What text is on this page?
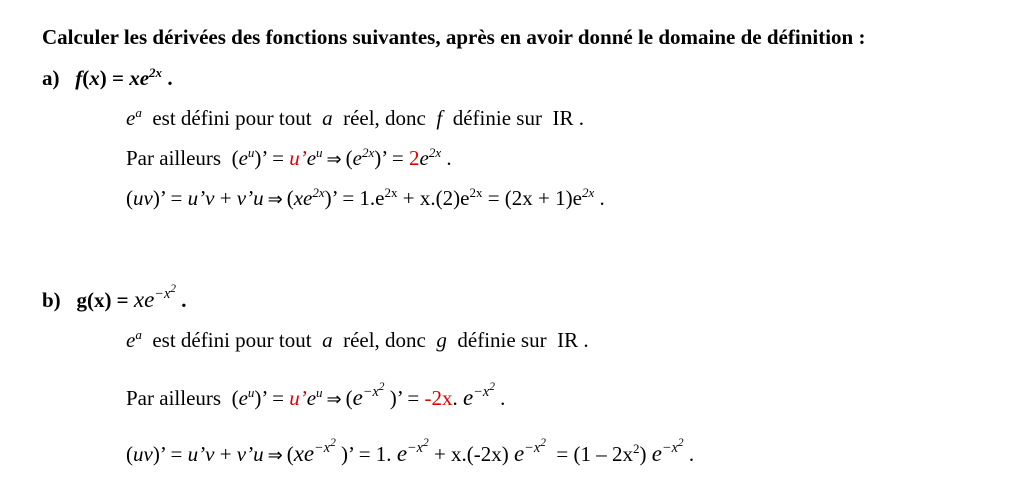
Calculer les dérivées des fonctions suivantes, après en avoir donné le domaine de définition :
a) $f(x) = xe^{2x}$ .
$e^a$ est défini pour tout a réel, donc f définie sur IR .
Par ailleurs  $(e^u)$’ = $u’e^u$ ⇒ $(e^{2x})$’ = $2e^{2x}$ .
(uv)’ = u’v + v’u ⇒ $(xe^{2x})$’ = $1.e^{2x} + x.(2)e^{2x} = (2x + 1)e^{2x}$ .
b) $g(x) = xe^{-x^2}$ .
$e^a$ est défini pour tout a réel, donc g définie sur IR .
Par ailleurs  $(e^u)$’ = $u’e^u$ ⇒ ($e^{-x^2}$ )’ = -2x. $e^{-x^2}$ .
(uv)’ = u’v + v’u ⇒ ($xe^{-x^2}$ )’ = 1. $e^{-x^2} + x.(-2x) e^{-x^2} = (1 - 2x^2)$ $e^{-x^2}$ .
